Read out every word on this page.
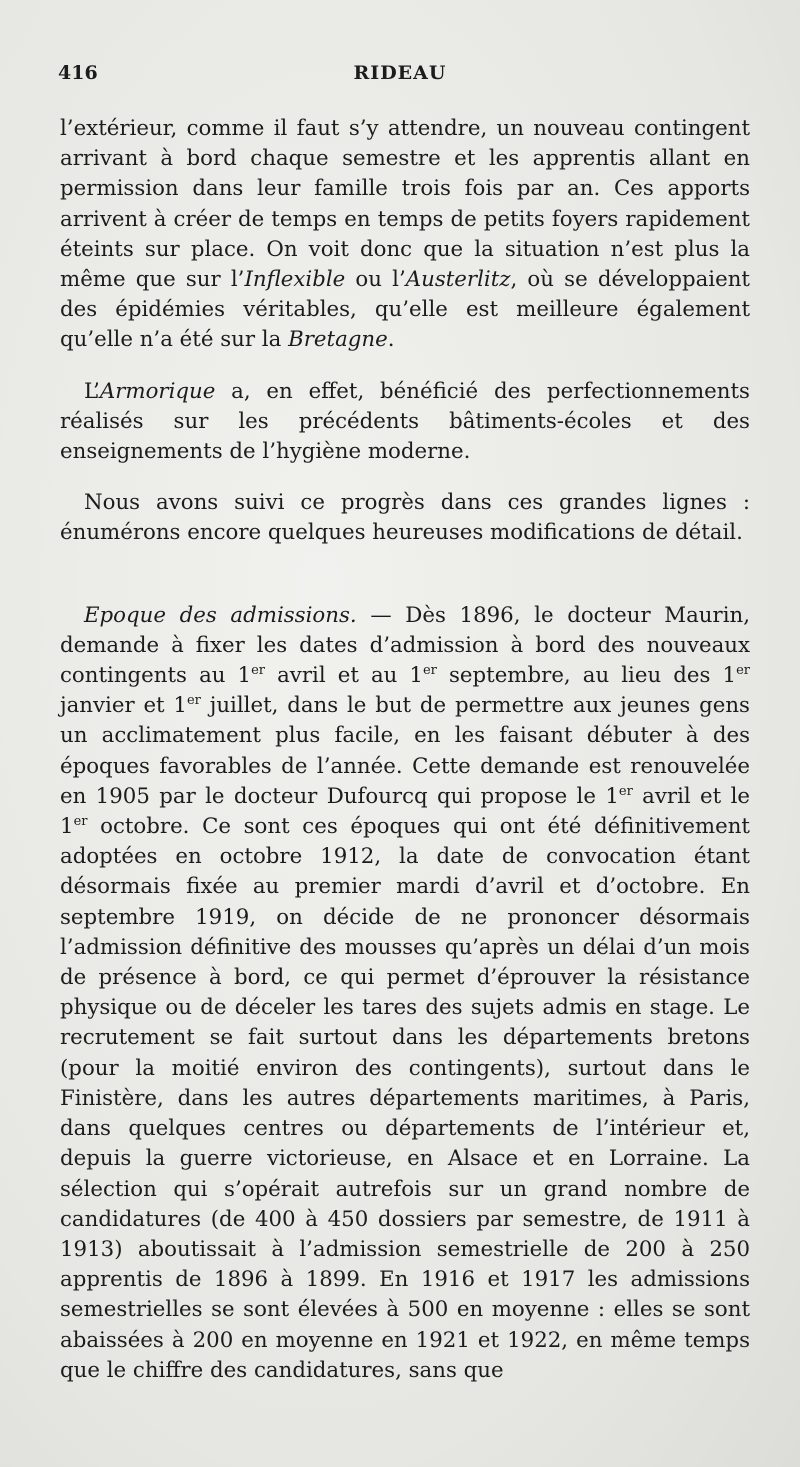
416	RIDEAU

l’extérieur, comme il faut s’y attendre, un nouveau contingent arrivant à bord chaque semestre et les apprentis allant en permission dans leur famille trois fois par an. Ces apports arrivent à créer de temps en temps de petits foyers rapidement éteints sur place. On voit donc que la situation n’est plus la même que sur l’Inflexible ou l’Austerlitz, où se développaient des épidémies véritables, qu’elle est meilleure également qu’elle n’a été sur la Bretagne.

L’Armorique a, en effet, bénéficié des perfectionnements réalisés sur les précédents bâtiments-écoles et des enseignements de l’hygiène moderne.

Nous avons suivi ce progrès dans ces grandes lignes : énumérons encore quelques heureuses modifications de détail.

Epoque des admissions. — Dès 1896, le docteur Maurin, demande à fixer les dates d’admission à bord des nouveaux contingents au 1er avril et au 1er septembre, au lieu des 1er janvier et 1er juillet, dans le but de permettre aux jeunes gens un acclimatement plus facile, en les faisant débuter à des époques favorables de l’année. Cette demande est renouvelée en 1905 par le docteur Dufourcq qui propose le 1er avril et le 1er octobre. Ce sont ces époques qui ont été définitivement adoptées en octobre 1912, la date de convocation étant désormais fixée au premier mardi d’avril et d’octobre. En septembre 1919, on décide de ne prononcer désormais l’admission définitive des mousses qu’après un délai d’un mois de présence à bord, ce qui permet d’éprouver la résistance physique ou de déceler les tares des sujets admis en stage. Le recrutement se fait surtout dans les départements bretons (pour la moitié environ des contingents), surtout dans le Finistère, dans les autres départements maritimes, à Paris, dans quelques centres ou départements de l’intérieur et, depuis la guerre victorieuse, en Alsace et en Lorraine. La sélection qui s’opérait autrefois sur un grand nombre de candidatures (de 400 à 450 dossiers par semestre, de 1911 à 1913) aboutissait à l’admission semestrielle de 200 à 250 apprentis de 1896 à 1899. En 1916 et 1917 les admissions semestrielles se sont élevées à 500 en moyenne : elles se sont abaissées à 200 en moyenne en 1921 et 1922, en même temps que le chiffre des candidatures, sans que
